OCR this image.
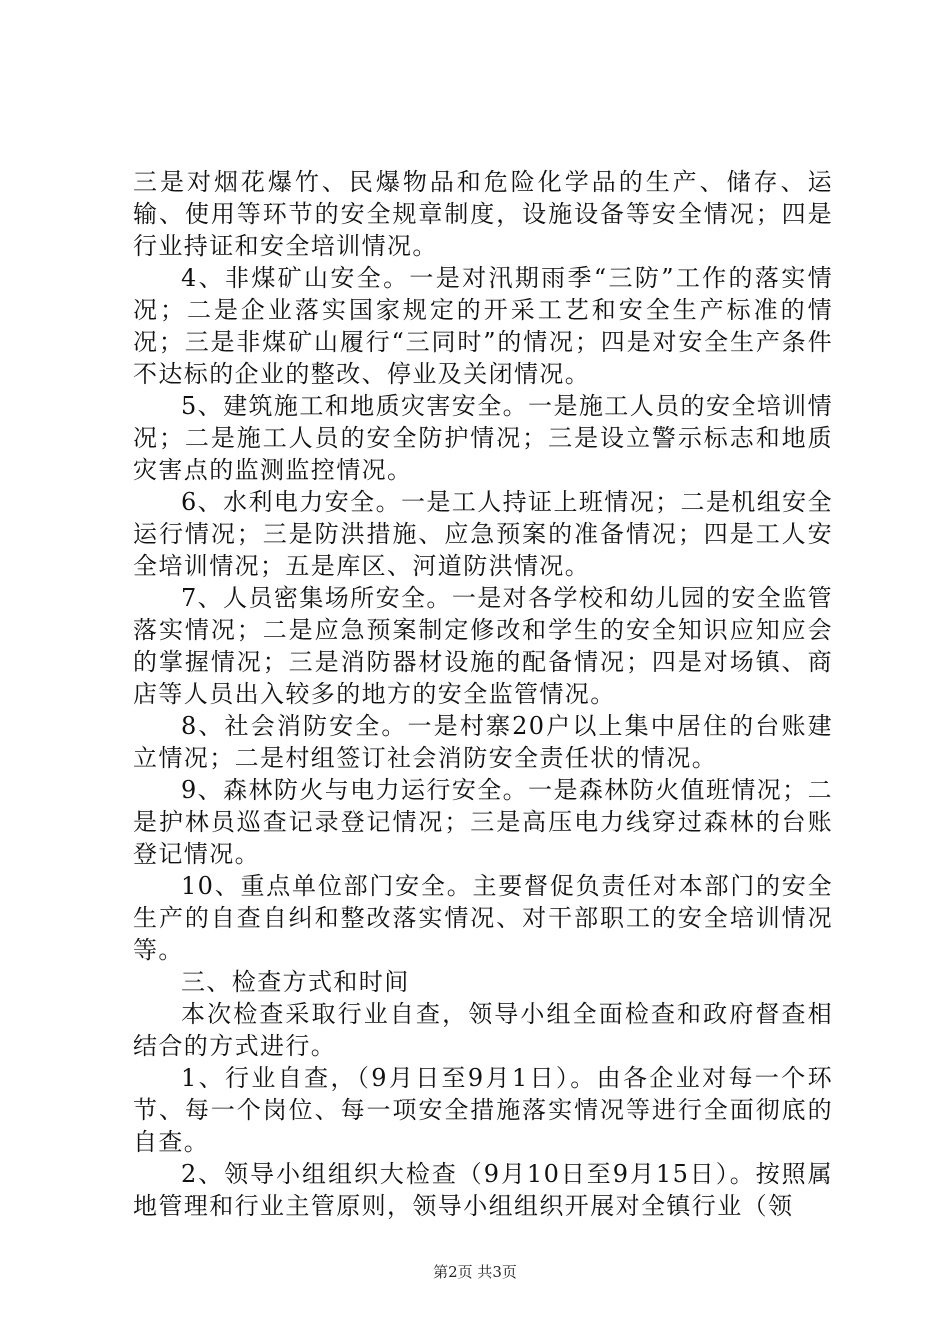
三是对烟花爆竹、民爆物品和危险化学品的生产、储存、运输、使用等环节的安全规章制度，设施设备等安全情况；四是行业持证和安全培训情况。

4、非煤矿山安全。一是对汛期雨季“三防”工作的落实情况；二是企业落实国家规定的开采工艺和安全生产标准的情况；三是非煤矿山履行“三同时”的情况；四是对安全生产条件不达标的企业的整改、停业及关闭情况。

5、建筑施工和地质灾害安全。一是施工人员的安全培训情况；二是施工人员的安全防护情况；三是设立警示标志和地质灾害点的监测监控情况。

6、水利电力安全。一是工人持证上班情况；二是机组安全运行情况；三是防洪措施、应急预案的准备情况；四是工人安全培训情况；五是库区、河道防洪情况。

7、人员密集场所安全。一是对各学校和幼儿园的安全监管落实情况；二是应急预案制定修改和学生的安全知识应知应会的掌握情况；三是消防器材设施的配备情况；四是对场镇、商店等人员出入较多的地方的安全监管情况。

8、社会消防安全。一是村寨20户以上集中居住的台账建立情况；二是村组签订社会消防安全责任状的情况。

9、森林防火与电力运行安全。一是森林防火值班情况；二是护林员巡查记录登记情况；三是高压电力线穿过森林的台账登记情况。

10、重点单位部门安全。主要督促负责任对本部门的安全生产的自查自纠和整改落实情况、对干部职工的安全培训情况等。

三、检查方式和时间

本次检查采取行业自查，领导小组全面检查和政府督查相结合的方式进行。

1、行业自查，（9月日至9月1日）。由各企业对每一个环节、每一个岗位、每一项安全措施落实情况等进行全面彻底的自查。

2、领导小组组织大检查（9月10日至9月15日）。按照属地管理和行业主管原则，领导小组组织开展对全镇行业（领

第2页 共3页
